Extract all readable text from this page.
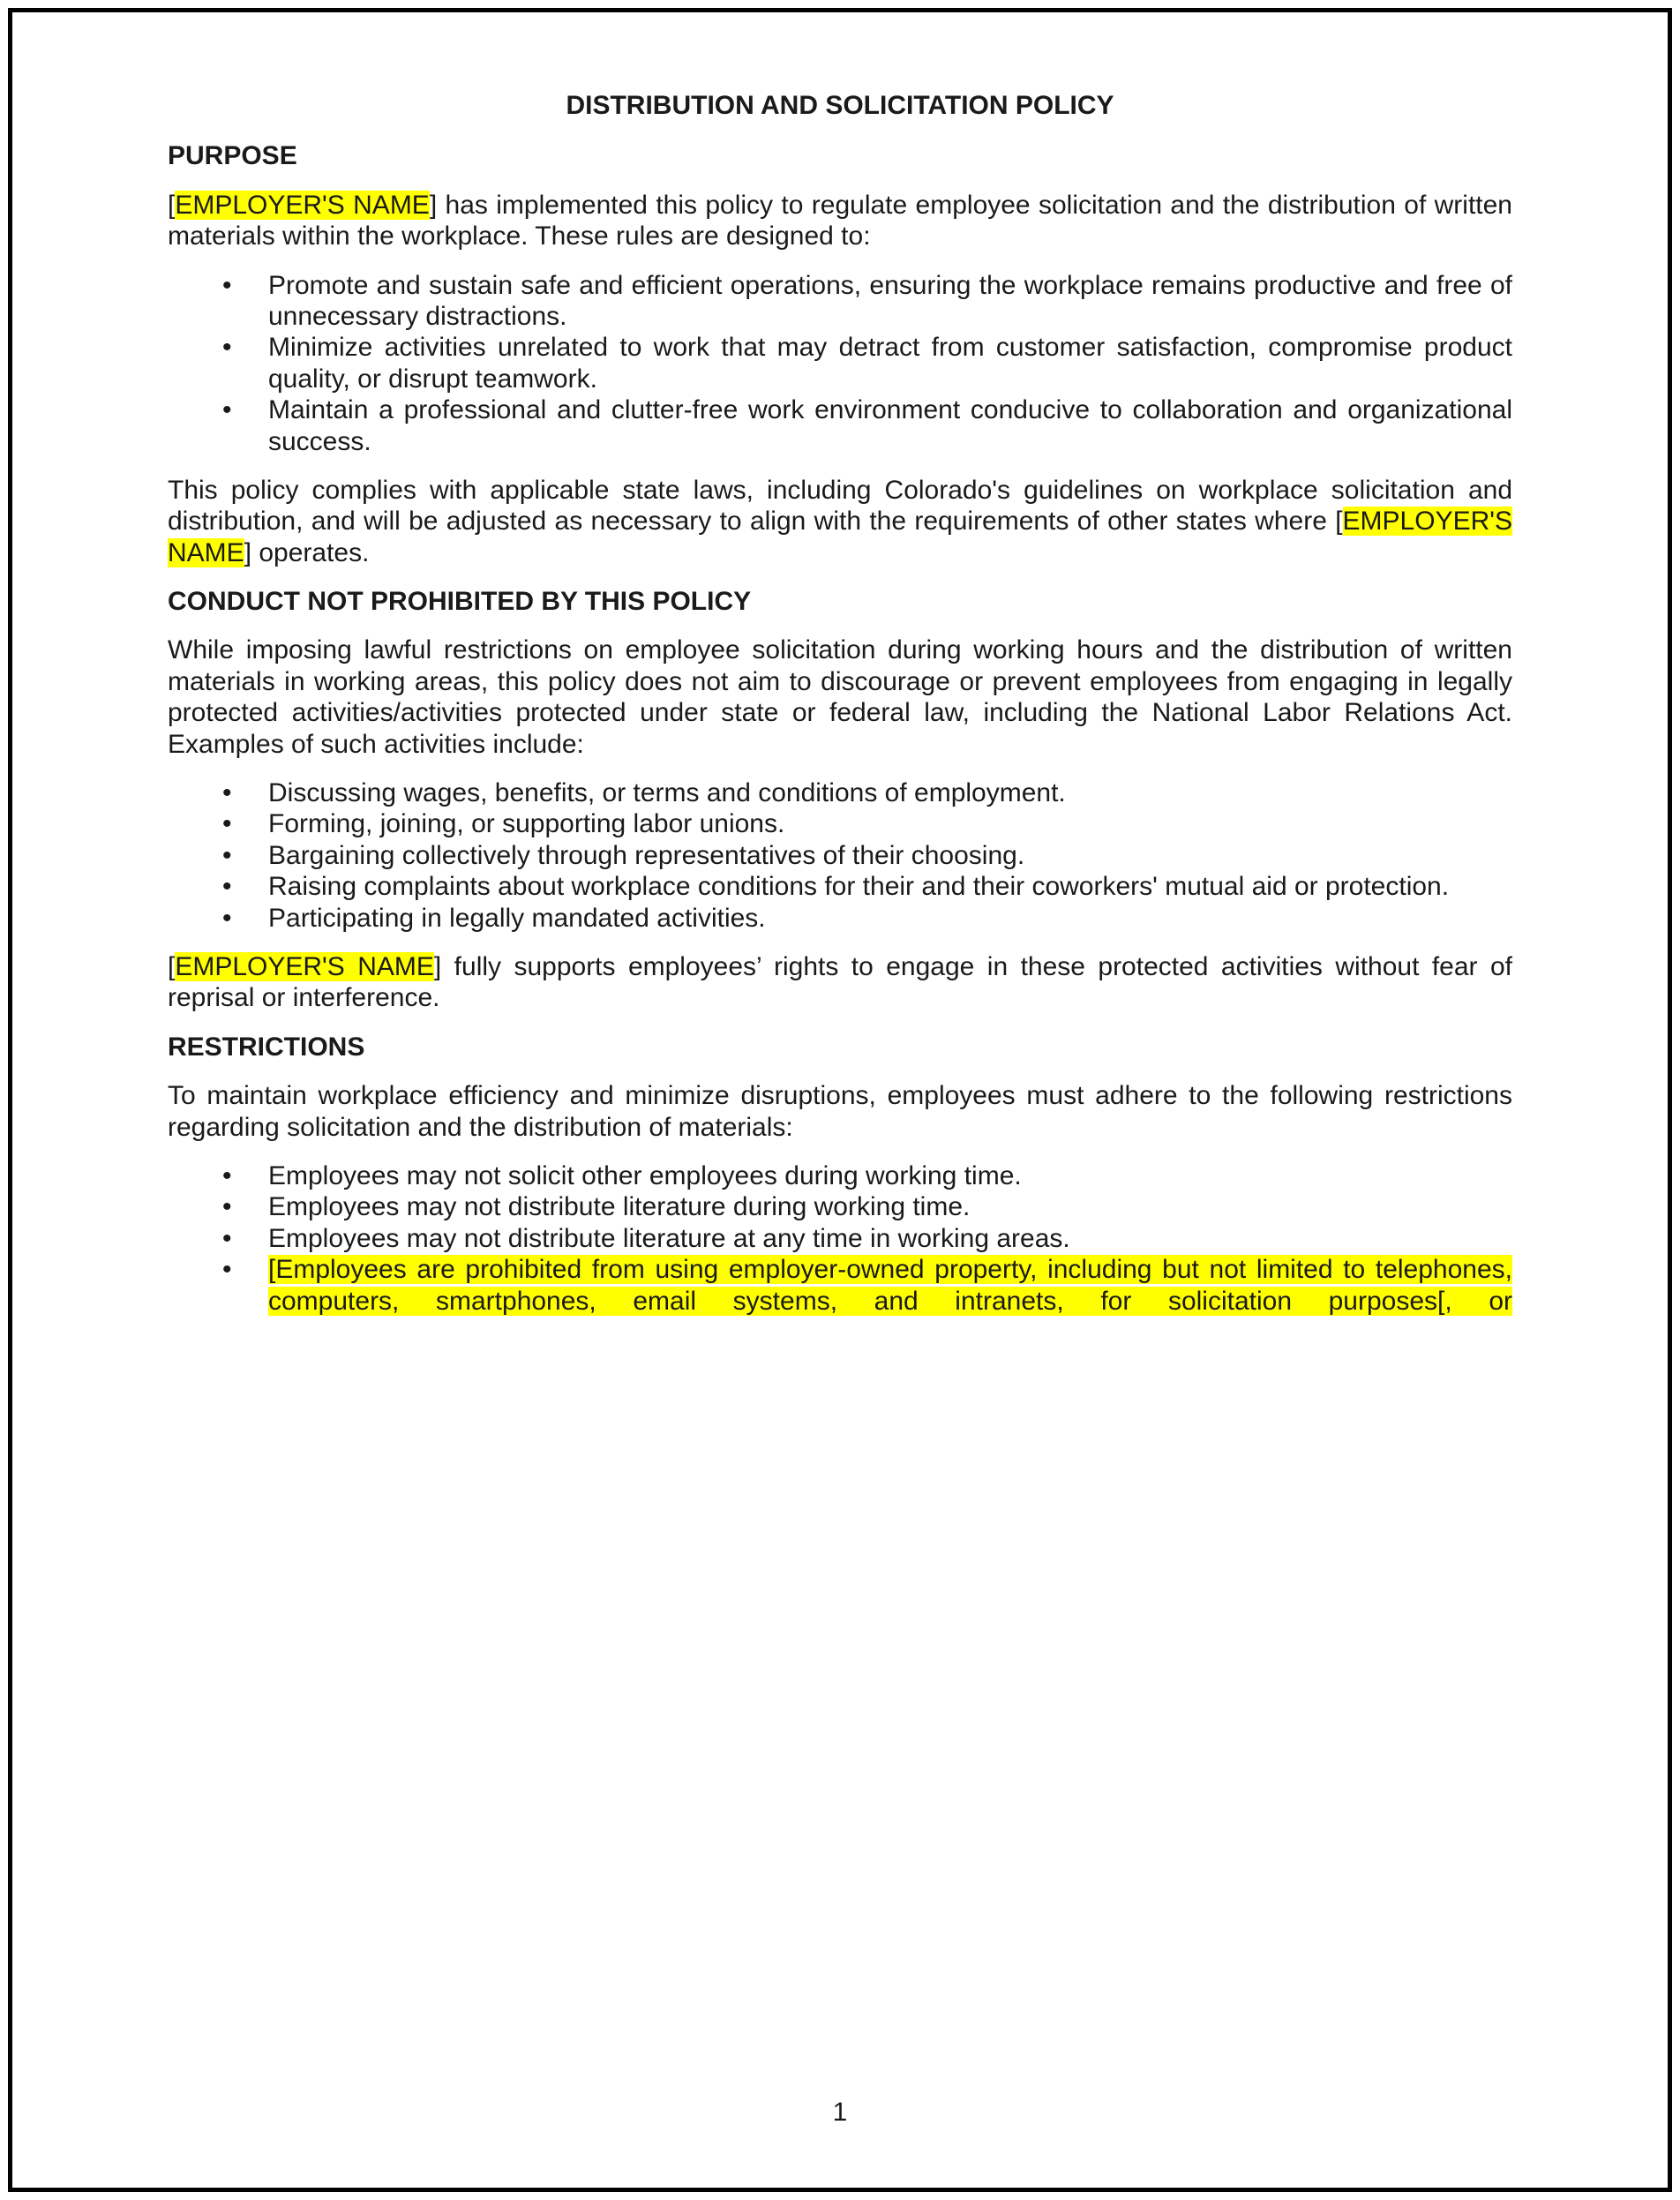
DISTRIBUTION AND SOLICITATION POLICY
PURPOSE

[EMPLOYER'S NAME] has implemented this policy to regulate employee solicitation and the distribution of written materials within the workplace. These rules are designed to:

• Promote and sustain safe and efficient operations, ensuring the workplace remains productive and free of unnecessary distractions.
• Minimize activities unrelated to work that may detract from customer satisfaction, compromise product quality, or disrupt teamwork.
• Maintain a professional and clutter-free work environment conducive to collaboration and organizational success.

This policy complies with applicable state laws, including Colorado's guidelines on workplace solicitation and distribution, and will be adjusted as necessary to align with the requirements of other states where [EMPLOYER'S NAME] operates.

CONDUCT NOT PROHIBITED BY THIS POLICY

While imposing lawful restrictions on employee solicitation during working hours and the distribution of written materials in working areas, this policy does not aim to discourage or prevent employees from engaging in legally protected activities/activities protected under state or federal law, including the National Labor Relations Act. Examples of such activities include:

• Discussing wages, benefits, or terms and conditions of employment.
• Forming, joining, or supporting labor unions.
• Bargaining collectively through representatives of their choosing.
• Raising complaints about workplace conditions for their and their coworkers' mutual aid or protection.
• Participating in legally mandated activities.

[EMPLOYER'S NAME] fully supports employees’ rights to engage in these protected activities without fear of reprisal or interference.

RESTRICTIONS

To maintain workplace efficiency and minimize disruptions, employees must adhere to the following restrictions regarding solicitation and the distribution of materials:

• Employees may not solicit other employees during working time.
• Employees may not distribute literature during working time.
• Employees may not distribute literature at any time in working areas.
• [Employees are prohibited from using employer-owned property, including but not limited to telephones, computers, smartphones, email systems, and intranets, for solicitation purposes[, or
1
